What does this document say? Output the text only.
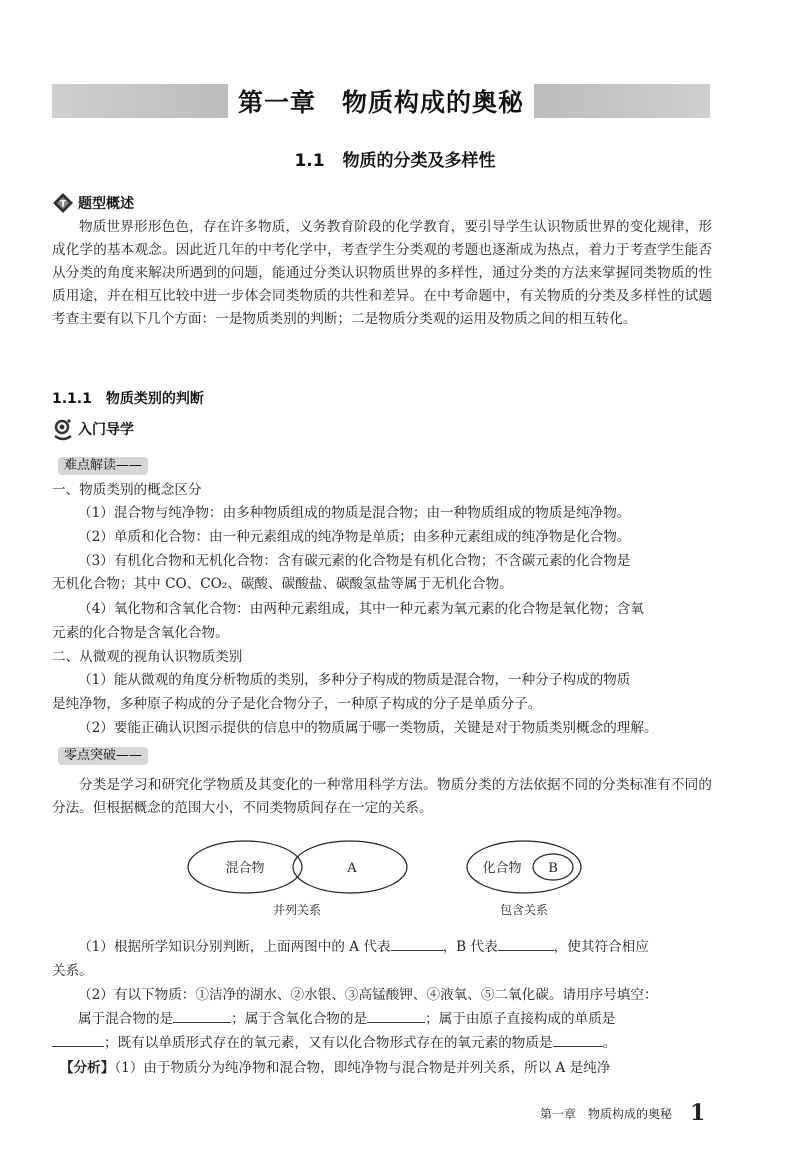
第一章　物质构成的奥秘
1.1 物质的分类及多样性
T 题型概述
物质世界形形色色，存在许多物质，义务教育阶段的化学教育，要引导学生认识物质世界的变化规律，形成化学的基本观念。因此近几年的中考化学中，考查学生分类观的考题也逐渐成为热点，着力于考查学生能否从分类的角度来解决所遇到的问题，能通过分类认识物质世界的多样性，通过分类的方法来掌握同类物质的性质用途，并在相互比较中进一步体会同类物质的共性和差异。在中考命题中，有关物质的分类及多样性的试题考查主要有以下几个方面：一是物质类别的判断；二是物质分类观的运用及物质之间的相互转化。
1.1.1 物质类别的判断
入门导学
难点解读——
一、物质类别的概念区分
（1）混合物与纯净物：由多种物质组成的物质是混合物；由一种物质组成的物质是纯净物。
（2）单质和化合物：由一种元素组成的纯净物是单质；由多种元素组成的纯净物是化合物。
（3）有机化合物和无机化合物：含有碳元素的化合物是有机化合物；不含碳元素的化合物是
无机化合物；其中 CO、CO₂、碳酸、碳酸盐、碳酸氢盐等属于无机化合物。
（4）氧化物和含氧化合物：由两种元素组成，其中一种元素为氧元素的化合物是氧化物；含氧
元素的化合物是含氧化合物。
二、从微观的视角认识物质类别
（1）能从微观的角度分析物质的类别，多种分子构成的物质是混合物，一种分子构成的物质
是纯净物，多种原子构成的分子是化合物分子，一种原子构成的分子是单质分子。
（2）要能正确认识图示提供的信息中的物质属于哪一类物质，关键是对于物质类别概念的理解。
零点突破——
分类是学习和研究化学物质及其变化的一种常用科学方法。物质分类的方法依据不同的分类标准有不同的分法。但根据概念的范围大小，不同类物质间存在一定的关系。
混合物	A
并列关系
化合物 B
包含关系
（1）根据所学知识分别判断，上面两图中的 A 代表	，B 代表	，使其符合相应
关系。
（2）有以下物质：①洁净的湖水、②水银、③高锰酸钾、④液氧、⑤二氧化碳。请用序号填空：
属于混合物的是	；属于含氧化合物的是	；属于由原子直接构成的单质是
；既有以单质形式存在的氧元素，又有以化合物形式存在的氧元素的物质是	。
【分析】（1）由于物质分为纯净物和混合物，即纯净物与混合物是并列关系，所以 A 是纯净
第一章　物质构成的奥秘 1
